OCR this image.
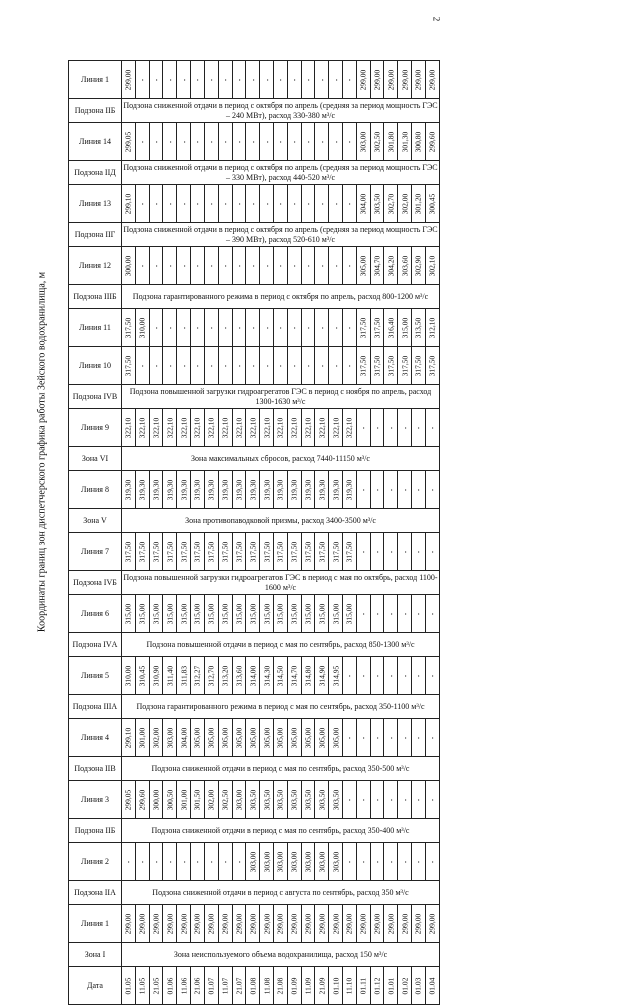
2
Координаты границ зон диспетчерского графика работы Зейского водохранилища, м
Линия 1	299,00	-	-	-	-	-	-	-	-	-	-	-	-	-	-	-	-	299,00	299,00	299,00	299,00	299,00	299,00

Подзона IIБ	Подзона сниженной отдачи в период с октября по апрель (средняя за период мощность ГЭС – 240 МВт), расход 330-380 м³/с																						
Линия 14	299,05	-	-	-	-	-	-	-	-	-	-	-	-	-	-	-	-	303,00	302,50	301,80	301,30	300,80	299,60

Подзона IIД	Подзона сниженной отдачи в период с октября по апрель (средняя за период мощность ГЭС – 330 МВт), расход 440-520 м³/с																						
Линия 13	299,10	-	-	-	-	-	-	-	-	-	-	-	-	-	-	-	-	304,00	303,50	302,70	302,00	301,20	300,45

Подзона IIГ	Подзона сниженной отдачи в период с октября по апрель (средняя за период мощность ГЭС – 390 МВт), расход 520-610 м³/с																						
Линия 12	300,00	-	-	-	-	-	-	-	-	-	-	-	-	-	-	-	-	305,00	304,70	304,20	303,60	302,90	302,10

Подзона IIIБ	Подзона гарантированного режима в период с октября по апрель, расход 800-1200 м³/с																						
Линия 11	317,50	310,00	-	-	-	-	-	-	-	-	-	-	-	-	-	-	-	317,50	317,50	316,40	315,00	313,50	312,10

Линия 10	317,50	-	-	-	-	-	-	-	-	-	-	-	-	-	-	-	-	317,50	317,50	317,50	317,50	317,50	317,50

Подзона IVВ	Подзона повышенной загрузки гидроагрегатов ГЭС в период с ноября по апрель, расход 1300-1630 м³/с																						
Линия 9	322,10	322,10	322,10	322,10	322,10	322,10	322,10	322,10	322,10	322,10	322,10	322,10	322,10	322,10	322,10	322,10	322,10	-	-	-	-	-	-

Зона VI	Зона максимальных сбросов, расход 7440-11150 м³/с																						
Линия 8	319,30	319,30	319,30	319,30	319,30	319,30	319,30	319,30	319,30	319,30	319,30	319,30	319,30	319,30	319,30	319,30	319,30	-	-	-	-	-	-

Зона V	Зона противопаводковой призмы, расход 3400-3500 м³/с																						
Линия 7	317,50	317,50	317,50	317,50	317,50	317,50	317,50	317,50	317,50	317,50	317,50	317,50	317,50	317,50	317,50	317,50	317,50	-	-	-	-	-	-

Подзона IVБ	Подзона повышенной загрузки гидроагрегатов ГЭС в период с мая по октябрь, расход 1100-1600 м³/с																						
Линия 6	315,00	315,00	315,00	315,00	315,00	315,00	315,00	315,00	315,00	315,00	315,00	315,00	315,00	315,00	315,00	315,00	315,00	-	-	-	-	-	-

Подзона IVА	Подзона повышенной отдачи в период с мая по сентябрь, расход 850-1300 м³/с																						
Линия 5	310,00	310,45	310,90	311,40	311,83	312,27	312,70	313,20	313,60	314,00	314,30	314,50	314,70	314,80	314,90	314,95	-	-	-	-	-	-	-

Подзона IIIА	Подзона гарантированного режима в период с мая по сентябрь, расход 350-1100 м³/с																						
Линия 4	299,10	301,00	302,00	303,00	304,00	305,00	305,00	305,00	305,00	305,00	305,00	305,00	305,00	305,00	305,00	305,00	-	-	-	-	-	-	-

Подзона IIВ	Подзона сниженной отдачи в период с мая по сентябрь, расход 350-500 м³/с																						
Линия 3	299,05	299,60	300,00	300,50	301,00	301,50	302,00	302,50	303,00	303,50	303,50	303,50	303,50	303,50	303,50	303,50	-	-	-	-	-	-	-

Подзона IIБ	Подзона сниженной отдачи в период с мая по сентябрь, расход 350-400 м³/с																						
Линия 2	-	-	-	-	-	-	-	-	-	303,00	303,00	303,00	303,00	303,00	303,00	303,00	-	-	-	-	-	-	-

Подзона IIА	Подзона сниженной отдачи в период с августа по сентябрь, расход 350 м³/с																						
Линия 1	299,00	299,00	299,00	299,00	299,00	299,00	299,00	299,00	299,00	299,00	299,00	299,00	299,00	299,00	299,00	299,00	299,00	299,00	299,00	299,00	299,00	299,00	299,00

Зона I	Зона неиспользуемого объема водохранилища, расход 150 м³/с																						
Дата	01.05	11.05	21.05	01.06	11.06	21.06	01.07	11.07	21.07	01.08	11.08	21.08	01.09	11.09	21.09	01.10	11.10	01.11	01.12	01.01	01.02	01.03	01.04
